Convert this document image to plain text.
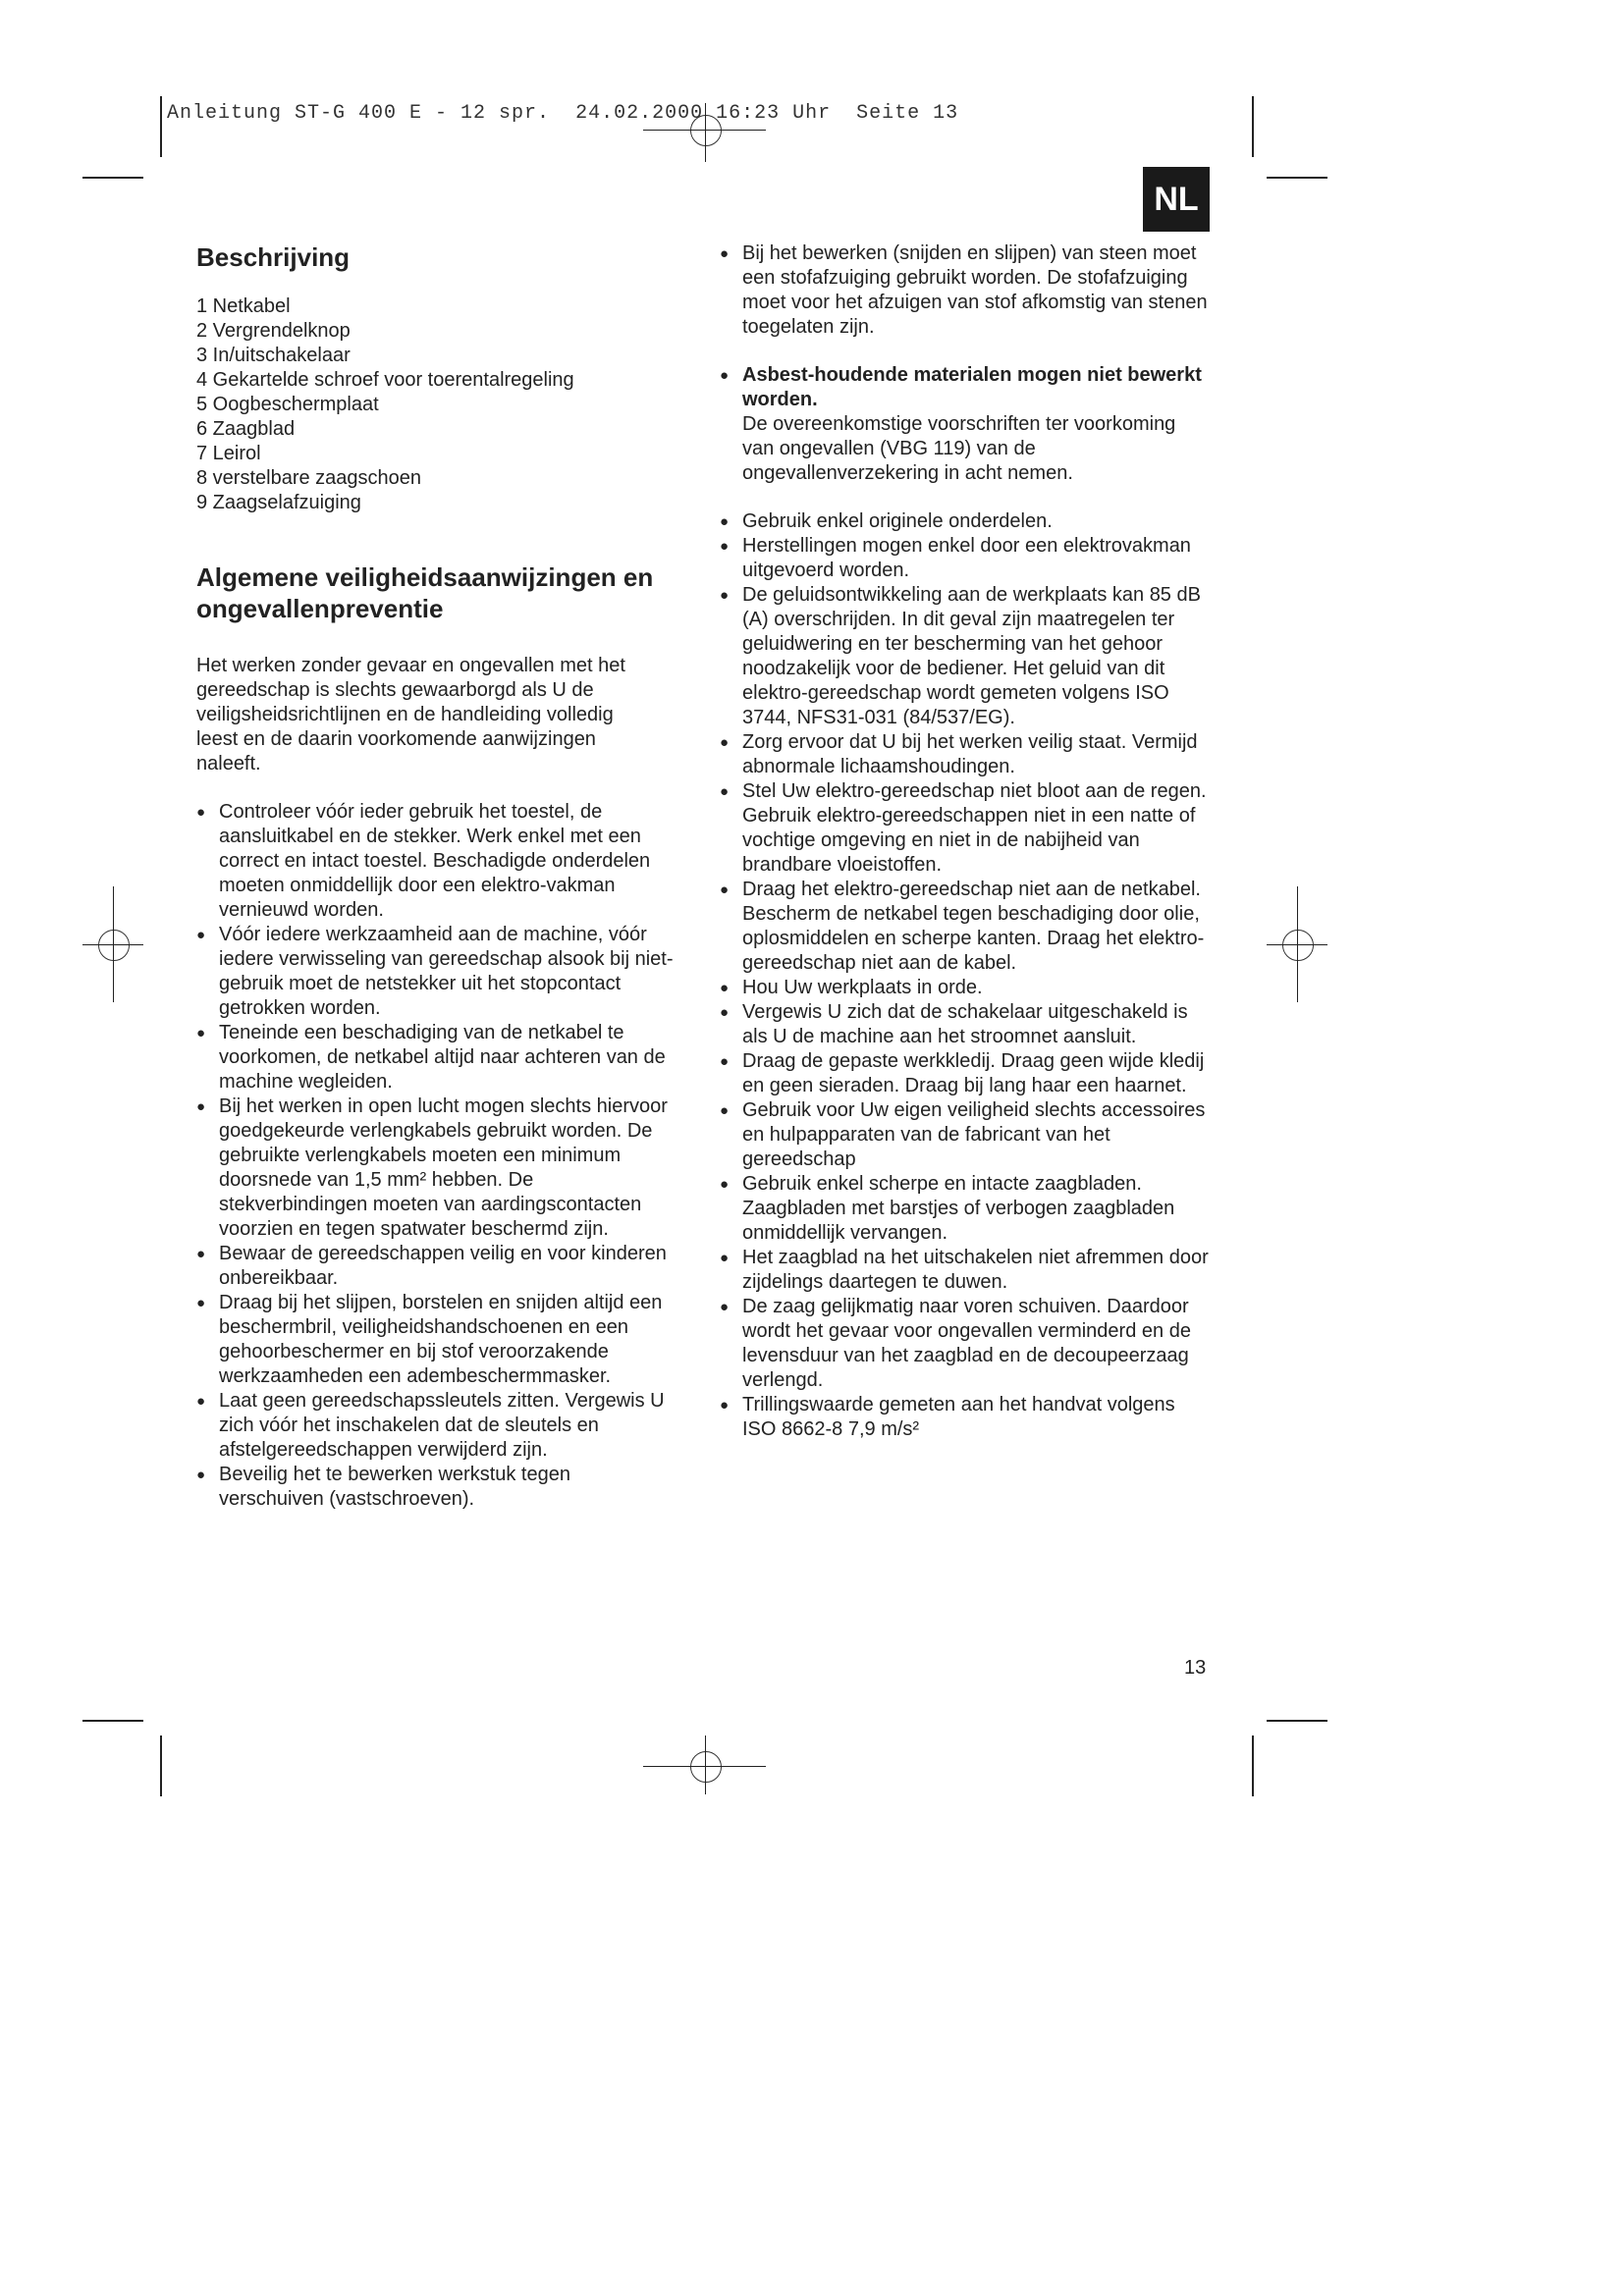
Anleitung ST-G 400 E - 12 spr.  24.02.2000 16:23 Uhr  Seite 13
NL
Beschrijving
1 Netkabel
2 Vergrendelknop
3 In/uitschakelaar
4 Gekartelde schroef voor toerentalregeling
5 Oogbeschermplaat
6 Zaagblad
7 Leirol
8 verstelbare zaagschoen
9 Zaagselafzuiging
Algemene veiligheidsaanwijzingen en ongevallenpreventie

Het werken zonder gevaar en ongevallen met het gereedschap is slechts gewaarborgd als U de veiligsheidsrichtlijnen en de handleiding volledig leest en de daarin voorkomende aanwijzingen naleeft.

● Controleer vóór ieder gebruik het toestel, de aansluitkabel en de stekker. Werk enkel met een correct en intact toestel. Beschadigde onderdelen moeten onmiddellijk door een elektro-vakman vernieuwd worden.

● Vóór iedere werkzaamheid aan de machine, vóór iedere verwisseling van gereedschap alsook bij niet-gebruik moet de netstekker uit het stopcontact getrokken worden.

● Teneinde een beschadiging van de netkabel te voorkomen, de netkabel altijd naar achteren van de machine wegleiden.

● Bij het werken in open lucht mogen slechts hiervoor goedgekeurde verlengkabels gebruikt worden. De gebruikte verlengkabels moeten een minimum doorsnede van 1,5 mm² hebben. De stekverbindingen moeten van aardingscontacten voorzien en tegen spatwater beschermd zijn.

● Bewaar de gereedschappen veilig en voor kinderen onbereikbaar.

● Draag bij het slijpen, borstelen en snijden altijd een beschermbril, veiligheidshandschoenen en een gehoorbeschermer en bij stof veroorzakende werkzaamheden een adembeschermmasker.

● Laat geen gereedschapssleutels zitten. Vergewis U zich vóór het inschakelen dat de sleutels en afstelgereedschappen verwijderd zijn.

● Beveilig het te bewerken werkstuk tegen verschuiven (vastschroeven).

● Bij het bewerken (snijden en slijpen) van steen moet een stofafzuiging gebruikt worden. De stofafzuiging moet voor het afzuigen van stof afkomstig van stenen toegelaten zijn.

● Asbest-houdende materialen mogen niet bewerkt worden.
De overeenkomstige voorschriften ter voorkoming van ongevallen (VBG 119) van de ongevallenverzekering in acht nemen.

● Gebruik enkel originele onderdelen.

● Herstellingen mogen enkel door een elektrovakman uitgevoerd worden.

● De geluidsontwikkeling aan de werkplaats kan 85 dB (A) overschrijden. In dit geval zijn maatregelen ter geluidwering en ter bescherming van het gehoor noodzakelijk voor de bediener. Het geluid van dit elektro-gereedschap wordt gemeten volgens ISO 3744, NFS31-031 (84/537/EG).

● Zorg ervoor dat U bij het werken veilig staat. Vermijd abnormale lichaamshoudingen.

● Stel Uw elektro-gereedschap niet bloot aan de regen. Gebruik elektro-gereedschappen niet in een natte of vochtige omgeving en niet in de nabijheid van brandbare vloeistoffen.

● Draag het elektro-gereedschap niet aan de netkabel. Bescherm de netkabel tegen beschadiging door olie, oplosmiddelen en scherpe kanten. Draag het elektro-gereedschap niet aan de kabel.

● Hou Uw werkplaats in orde.

● Vergewis U zich dat de schakelaar uitgeschakeld is als U de machine aan het stroomnet aansluit.

● Draag de gepaste werkkledij. Draag geen wijde kledij en geen sieraden. Draag bij lang haar een haarnet.

● Gebruik voor Uw eigen veiligheid slechts accessoires en hulpapparaten van de fabricant van het gereedschap

● Gebruik enkel scherpe en intacte zaagbladen. Zaagbladen met barstjes of verbogen zaagbladen onmiddellijk vervangen.

● Het zaagblad na het uitschakelen niet afremmen door zijdelings daartegen te duwen.

● De zaag gelijkmatig naar voren schuiven. Daardoor wordt het gevaar voor ongevallen verminderd en de levensduur van het zaagblad en de decoupeerzaag verlengd.

● Trillingswaarde gemeten aan het handvat volgens ISO 8662-8 7,9 m/s²

13
